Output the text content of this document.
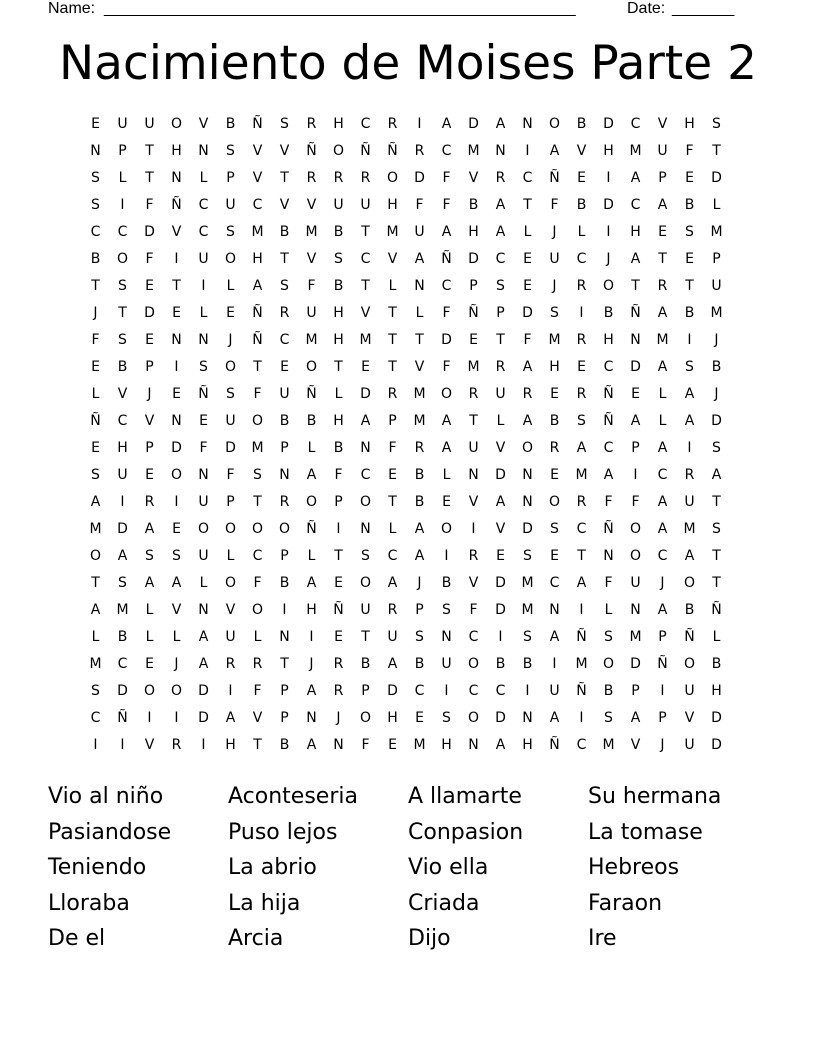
Name: _____________________________________________________	Date: _______
Nacimiento de Moises Parte 2
E	U	U	O	V	B	Ñ	S	R	H	C	R	I	A	D	A	N	O	B	D	C	V	H	S
N	P	T	H	N	S	V	V	Ñ	O	Ñ	Ñ	R	C	M	N	I	A	V	H	M	U	F	T
S	L	T	N	L	P	V	T	R	R	R	O	D	F	V	R	C	Ñ	E	I	A	P	E	D
S	I	F	Ñ	C	U	C	V	V	U	U	H	F	F	B	A	T	F	B	D	C	A	B	L
C	C	D	V	C	S	M	B	M	B	T	M	U	A	H	A	L	J	L	I	H	E	S	M
B	O	F	I	U	O	H	T	V	S	C	V	A	Ñ	D	C	E	U	C	J	A	T	E	P
T	S	E	T	I	L	A	S	F	B	T	L	N	C	P	S	E	J	R	O	T	R	T	U
J	T	D	E	L	E	Ñ	R	U	H	V	T	L	F	Ñ	P	D	S	I	B	Ñ	A	B	M
F	S	E	N	N	J	Ñ	C	M	H	M	T	T	D	E	T	F	M	R	H	N	M	I	J
E	B	P	I	S	O	T	E	O	T	E	T	V	F	M	R	A	H	E	C	D	A	S	B
L	V	J	E	Ñ	S	F	U	Ñ	L	D	R	M	O	R	U	R	E	R	Ñ	E	L	A	J
Ñ	C	V	N	E	U	O	B	B	H	A	P	M	A	T	L	A	B	S	Ñ	A	L	A	D
E	H	P	D	F	D	M	P	L	B	N	F	R	A	U	V	O	R	A	C	P	A	I	S
S	U	E	O	N	F	S	N	A	F	C	E	B	L	N	D	N	E	M	A	I	C	R	A
A	I	R	I	U	P	T	R	O	P	O	T	B	E	V	A	N	O	R	F	F	A	U	T
M	D	A	E	O	O	O	O	Ñ	I	N	L	A	O	I	V	D	S	C	Ñ	O	A	M	S
O	A	S	S	U	L	C	P	L	T	S	C	A	I	R	E	S	E	T	N	O	C	A	T
T	S	A	A	L	O	F	B	A	E	O	A	J	B	V	D	M	C	A	F	U	J	O	T
A	M	L	V	N	V	O	I	H	Ñ	U	R	P	S	F	D	M	N	I	L	N	A	B	Ñ
L	B	L	L	A	U	L	N	I	E	T	U	S	N	C	I	S	A	Ñ	S	M	P	Ñ	L
M	C	E	J	A	R	R	T	J	R	B	A	B	U	O	B	B	I	M	O	D	Ñ	O	B
S	D	O	O	D	I	F	P	A	R	P	D	C	I	C	C	I	U	Ñ	B	P	I	U	H
C	Ñ	I	I	D	A	V	P	N	J	O	H	E	S	O	D	N	A	I	S	A	P	V	D
I	I	V	R	I	H	T	B	A	N	F	E	M	H	N	A	H	Ñ	C	M	V	J	U	D
Vio al niño	Aconteseria	A llamarte	Su hermana
Pasiandose	Puso lejos	Conpasion	La tomase
Teniendo	La abrio	Vio ella	Hebreos
Lloraba	La hija	Criada	Faraon
De el	Arcia	Dijo	Ire
